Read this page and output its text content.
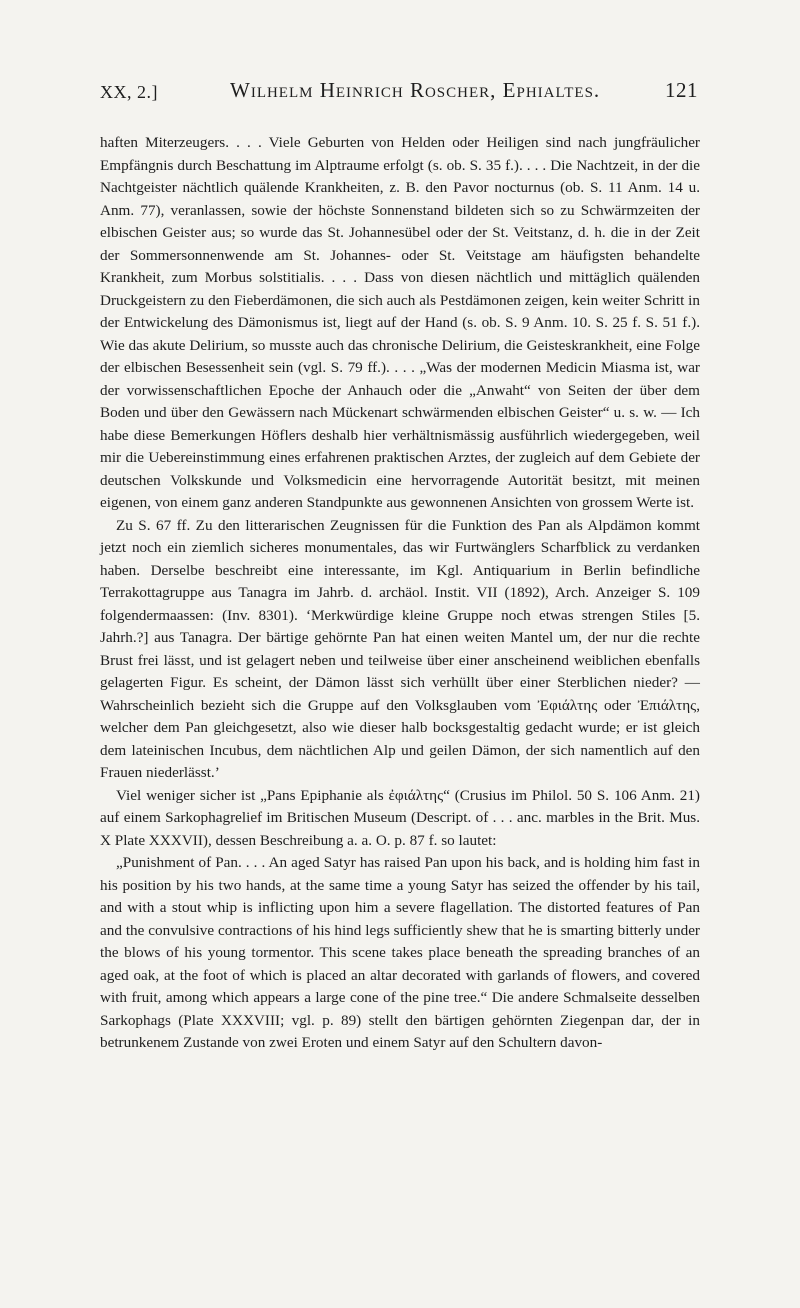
XX, 2.]	Wilhelm Heinrich Roscher, Ephialtes.	121

haften Miterzeugers. . . . Viele Geburten von Helden oder Heiligen sind nach jungfräulicher Empfängnis durch Beschattung im Alptraume erfolgt (s. ob. S. 35 f.). . . . Die Nachtzeit, in der die Nachtgeister nächtlich quälende Krankheiten, z. B. den Pavor nocturnus (ob. S. 11 Anm. 14 u. Anm. 77), veranlassen, sowie der höchste Sonnenstand bildeten sich so zu Schwärmzeiten der elbischen Geister aus; so wurde das St. Johannesübel oder der St. Veitstanz, d. h. die in der Zeit der Sommersonnenwende am St. Johannes- oder St. Veitstage am häufigsten behandelte Krankheit, zum Morbus solstitialis. . . . Dass von diesen nächtlich und mittäglich quälenden Druckgeistern zu den Fieberdämonen, die sich auch als Pestdämonen zeigen, kein weiter Schritt in der Entwickelung des Dämonismus ist, liegt auf der Hand (s. ob. S. 9 Anm. 10. S. 25 f. S. 51 f.). Wie das akute Delirium, so musste auch das chronische Delirium, die Geisteskrankheit, eine Folge der elbischen Besessenheit sein (vgl. S. 79 ff.). . . . „Was der modernen Medicin Miasma ist, war der vorwissenschaftlichen Epoche der Anhauch oder die „Anwaht“ von Seiten der über dem Boden und über den Gewässern nach Mückenart schwärmenden elbischen Geister“ u. s. w. — Ich habe diese Bemerkungen Höflers deshalb hier verhältnismässig ausführlich wiedergegeben, weil mir die Uebereinstimmung eines erfahrenen praktischen Arztes, der zugleich auf dem Gebiete der deutschen Volkskunde und Volksmedicin eine hervorragende Autorität besitzt, mit meinen eigenen, von einem ganz anderen Standpunkte aus gewonnenen Ansichten von grossem Werte ist.

Zu S. 67 ff. Zu den litterarischen Zeugnissen für die Funktion des Pan als Alpdämon kommt jetzt noch ein ziemlich sicheres monumentales, das wir Furtwänglers Scharfblick zu verdanken haben. Derselbe beschreibt eine interessante, im Kgl. Antiquarium in Berlin befindliche Terrakottagruppe aus Tanagra im Jahrb. d. archäol. Instit. VII (1892), Arch. Anzeiger S. 109 folgendermaassen: (Inv. 8301). ‘Merkwürdige kleine Gruppe noch etwas strengen Stiles [5. Jahrh.?] aus Tanagra. Der bärtige gehörnte Pan hat einen weiten Mantel um, der nur die rechte Brust frei lässt, und ist gelagert neben und teilweise über einer anscheinend weiblichen ebenfalls gelagerten Figur. Es scheint, der Dämon lässt sich verhüllt über einer Sterblichen nieder? — Wahrscheinlich bezieht sich die Gruppe auf den Volksglauben vom Ἐφιάλτης oder Ἐπιάλτης, welcher dem Pan gleichgesetzt, also wie dieser halb bocksgestaltig gedacht wurde; er ist gleich dem lateinischen Incubus, dem nächtlichen Alp und geilen Dämon, der sich namentlich auf den Frauen niederlässt.’

Viel weniger sicher ist „Pans Epiphanie als ἐφιάλτης“ (Crusius im Philol. 50 S. 106 Anm. 21) auf einem Sarkophagrelief im Britischen Museum (Descript. of . . . anc. marbles in the Brit. Mus. X Plate XXXVII), dessen Beschreibung a. a. O. p. 87 f. so lautet:

„Punishment of Pan. . . . An aged Satyr has raised Pan upon his back, and is holding him fast in his position by his two hands, at the same time a young Satyr has seized the offender by his tail, and with a stout whip is inflicting upon him a severe flagellation. The distorted features of Pan and the convulsive contractions of his hind legs sufficiently shew that he is smarting bitterly under the blows of his young tormentor. This scene takes place beneath the spreading branches of an aged oak, at the foot of which is placed an altar decorated with garlands of flowers, and covered with fruit, among which appears a large cone of the pine tree.“ Die andere Schmalseite desselben Sarkophags (Plate XXXVIII; vgl. p. 89) stellt den bärtigen gehörnten Ziegenpan dar, der in betrunkenem Zustande von zwei Eroten und einem Satyr auf den Schultern davon-
